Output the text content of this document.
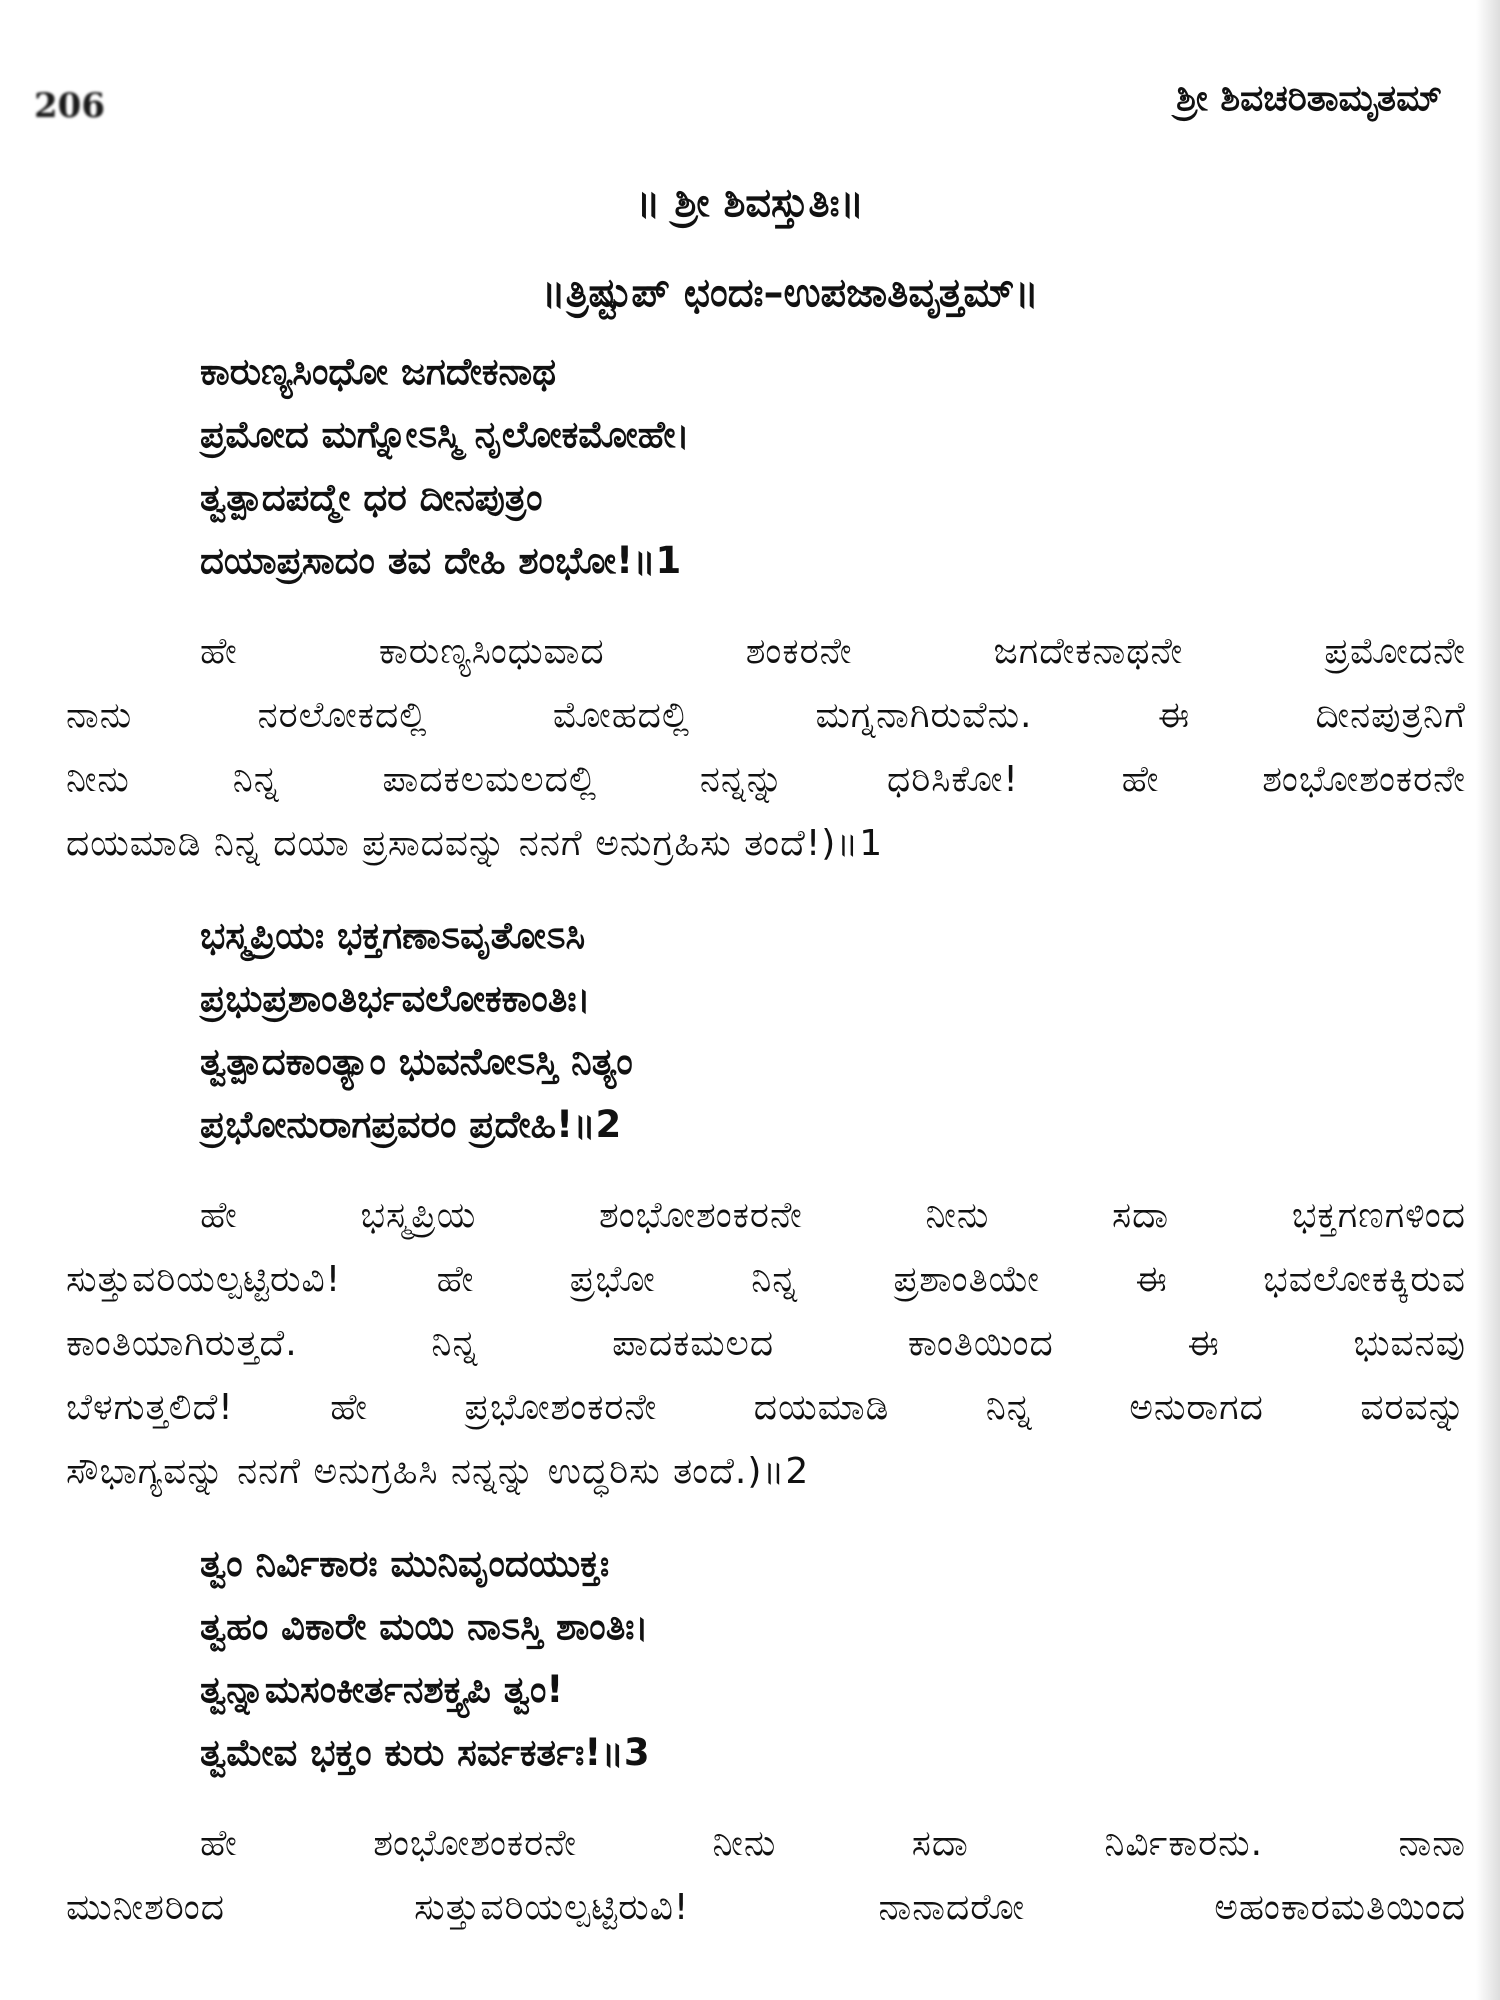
206	ಶ್ರೀ ಶಿವಚರಿತಾಮೃತಮ್
॥ ಶ್ರೀ ಶಿವಸ್ತುತಿಃ॥
॥ತ್ರಿಷ್ಟುಪ್ ಛಂದಃ–ಉಪಜಾತಿವೃತ್ತಮ್॥
ಕಾರುಣ್ಯಸಿಂಧೋ ಜಗದೇಕನಾಥ
ಪ್ರಮೋದ ಮಗ್ನೋಽಸ್ಮಿ ನೃಲೋಕಮೋಹೇ।
ತ್ವತ್ಪಾದಪದ್ಮೇ ಧರ ದೀನಪುತ್ರಂ
ದಯಾಪ್ರಸಾದಂ ತವ ದೇಹಿ ಶಂಭೋ!॥1
ಹೇ ಕಾರುಣ್ಯಸಿಂಧುವಾದ ಶಂಕರನೇ ಜಗದೇಕನಾಥನೇ ಪ್ರಮೋದನೇ
ನಾನು ನರಲೋಕದಲ್ಲಿ ಮೋಹದಲ್ಲಿ ಮಗ್ನನಾಗಿರುವೆನು. ಈ ದೀನಪುತ್ರನಿಗೆ
ನೀನು ನಿನ್ನ ಪಾದಕಲಮಲದಲ್ಲಿ ನನ್ನನ್ನು ಧರಿಸಿಕೋ! ಹೇ ಶಂಭೋಶಂಕರನೇ
ದಯಮಾಡಿ ನಿನ್ನ ದಯಾ ಪ್ರಸಾದವನ್ನು ನನಗೆ ಅನುಗ್ರಹಿಸು ತಂದೆ!)॥1
ಭಸ್ಮಪ್ರಿಯಃ ಭಕ್ತಗಣಾಽವೃತೋಽಸಿ
ಪ್ರಭುಪ್ರಶಾಂತಿರ್ಭವಲೋಕಕಾಂತಿಃ।
ತ್ವತ್ಪಾದಕಾಂತ್ಯಾಂ ಭುವನೋಽಸ್ತಿ ನಿತ್ಯಂ
ಪ್ರಭೋನುರಾಗಪ್ರವರಂ ಪ್ರದೇಹಿ!॥2
ಹೇ ಭಸ್ಮಪ್ರಿಯ ಶಂಭೋಶಂಕರನೇ ನೀನು ಸದಾ ಭಕ್ತಗಣಗಳಿಂದ
ಸುತ್ತುವರಿಯಲ್ಪಟ್ಟಿರುವಿ! ಹೇ ಪ್ರಭೋ ನಿನ್ನ ಪ್ರಶಾಂತಿಯೇ ಈ ಭವಲೋಕಕ್ಕಿರುವ
ಕಾಂತಿಯಾಗಿರುತ್ತದೆ. ನಿನ್ನ ಪಾದಕಮಲದ ಕಾಂತಿಯಿಂದ ಈ ಭುವನವು
ಬೆಳಗುತ್ತಲಿದೆ! ಹೇ ಪ್ರಭೋಶಂಕರನೇ ದಯಮಾಡಿ ನಿನ್ನ ಅನುರಾಗದ ವರವನ್ನು
ಸೌಭಾಗ್ಯವನ್ನು ನನಗೆ ಅನುಗ್ರಹಿಸಿ ನನ್ನನ್ನು ಉದ್ಧರಿಸು ತಂದೆ.)॥2
ತ್ವಂ ನಿರ್ವಿಕಾರಃ ಮುನಿವೃಂದಯುಕ್ತಃ
ತ್ವಹಂ ವಿಕಾರೇ ಮಯಿ ನಾಽಸ್ತಿ ಶಾಂತಿಃ।
ತ್ವನ್ನಾಮಸಂಕೀರ್ತನಶಕ್ತ್ಯಪಿ ತ್ವಂ!
ತ್ವಮೇವ ಭಕ್ತಂ ಕುರು ಸರ್ವಕರ್ತಃ!॥3
ಹೇ ಶಂಭೋಶಂಕರನೇ ನೀನು ಸದಾ ನಿರ್ವಿಕಾರನು. ನಾನಾ
ಮುನೀಶರಿಂದ ಸುತ್ತುವರಿಯಲ್ಪಟ್ಟಿರುವಿ! ನಾನಾದರೋ ಅಹಂಕಾರಮತಿಯಿಂದ
